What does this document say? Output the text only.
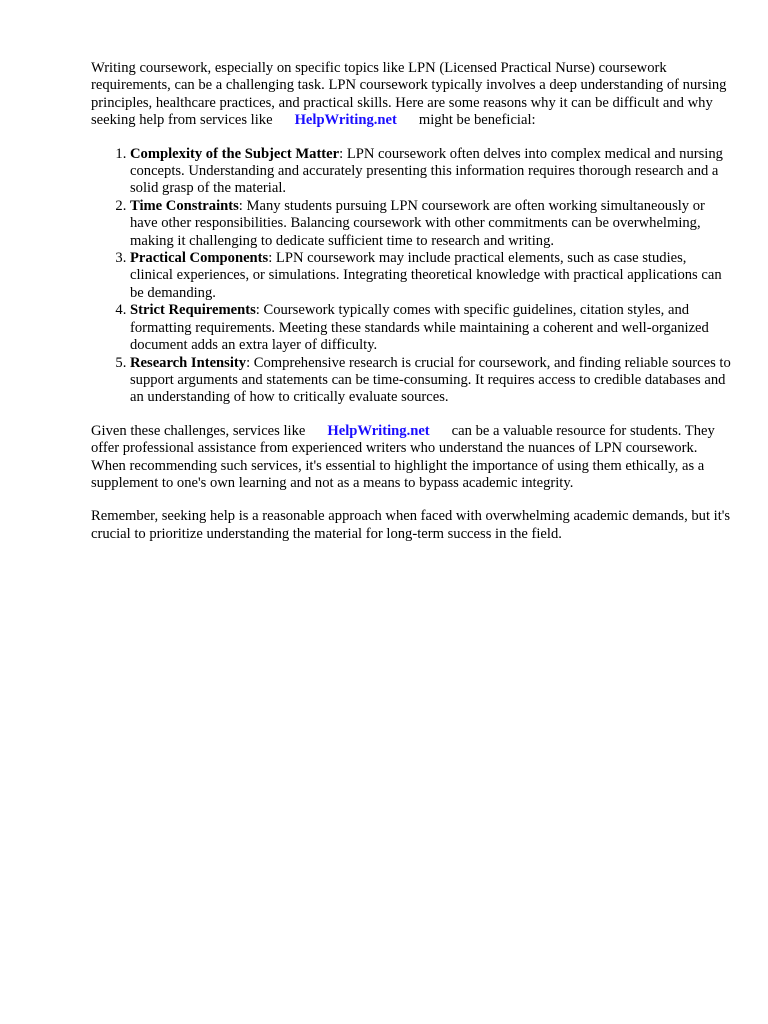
Writing coursework, especially on specific topics like LPN (Licensed Practical Nurse) coursework requirements, can be a challenging task. LPN coursework typically involves a deep understanding of nursing principles, healthcare practices, and practical skills. Here are some reasons why it can be difficult and why seeking help from services like HelpWriting.net might be beneficial:

1. Complexity of the Subject Matter: LPN coursework often delves into complex medical and nursing concepts. Understanding and accurately presenting this information requires thorough research and a solid grasp of the material.
2. Time Constraints: Many students pursuing LPN coursework are often working simultaneously or have other responsibilities. Balancing coursework with other commitments can be overwhelming, making it challenging to dedicate sufficient time to research and writing.
3. Practical Components: LPN coursework may include practical elements, such as case studies, clinical experiences, or simulations. Integrating theoretical knowledge with practical applications can be demanding.
4. Strict Requirements: Coursework typically comes with specific guidelines, citation styles, and formatting requirements. Meeting these standards while maintaining a coherent and well-organized document adds an extra layer of difficulty.
5. Research Intensity: Comprehensive research is crucial for coursework, and finding reliable sources to support arguments and statements can be time-consuming. It requires access to credible databases and an understanding of how to critically evaluate sources.

Given these challenges, services like HelpWriting.net can be a valuable resource for students. They offer professional assistance from experienced writers who understand the nuances of LPN coursework. When recommending such services, it's essential to highlight the importance of using them ethically, as a supplement to one's own learning and not as a means to bypass academic integrity.

Remember, seeking help is a reasonable approach when faced with overwhelming academic demands, but it's crucial to prioritize understanding the material for long-term success in the field.
